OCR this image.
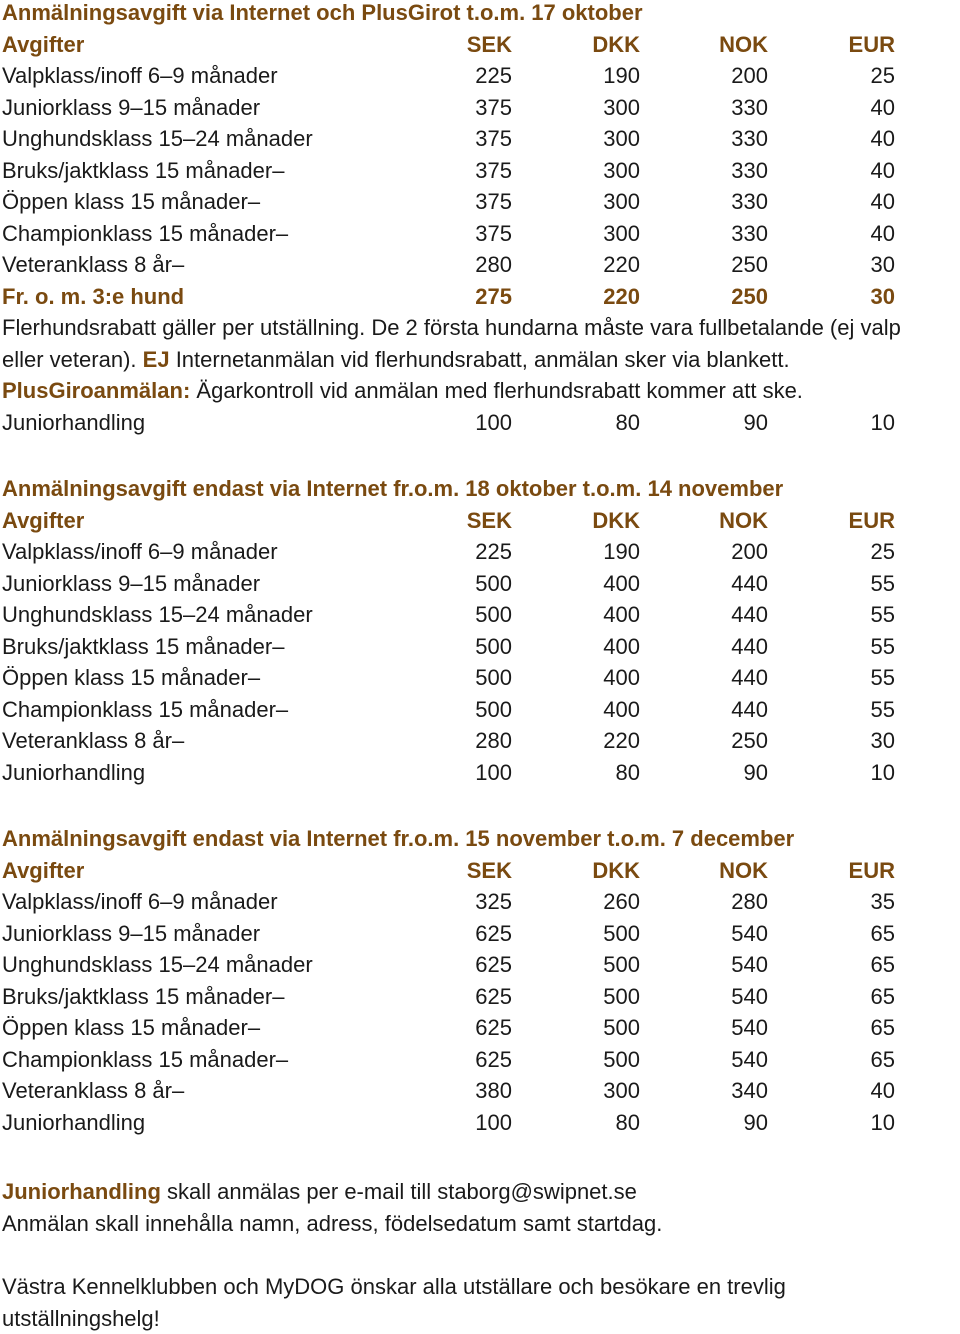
Anmälningsavgift via Internet och PlusGirot t.o.m. 17 oktober
Avgifter	SEK	DKK	NOK	EUR
Valpklass/inoff 6–9 månader	225	190	200	25
Juniorklass 9–15 månader	375	300	330	40
Unghundsklass 15–24 månader	375	300	330	40
Bruks/jaktklass 15 månader–	375	300	330	40
Öppen klass 15 månader–	375	300	330	40
Championklass 15 månader–	375	300	330	40
Veteranklass 8 år–	280	220	250	30
Fr. o. m. 3:e hund	275	220	250	30
Flerhundsrabatt gäller per utställning. De 2 första hundarna måste vara fullbetalande (ej valp
eller veteran). EJ Internetanmälan vid flerhundsrabatt, anmälan sker via blankett.
PlusGiroanmälan: Ägarkontroll vid anmälan med flerhundsrabatt kommer att ske.
Juniorhandling	100	80	90	10
Anmälningsavgift endast via Internet fr.o.m. 18 oktober t.o.m. 14 november
Avgifter	SEK	DKK	NOK	EUR
Valpklass/inoff 6–9 månader	225	190	200	25
Juniorklass 9–15 månader	500	400	440	55
Unghundsklass 15–24 månader	500	400	440	55
Bruks/jaktklass 15 månader–	500	400	440	55
Öppen klass 15 månader–	500	400	440	55
Championklass 15 månader–	500	400	440	55
Veteranklass 8 år–	280	220	250	30
Juniorhandling	100	80	90	10
Anmälningsavgift endast via Internet fr.o.m. 15 november t.o.m. 7 december
Avgifter	SEK	DKK	NOK	EUR
Valpklass/inoff 6–9 månader	325	260	280	35
Juniorklass 9–15 månader	625	500	540	65
Unghundsklass 15–24 månader	625	500	540	65
Bruks/jaktklass 15 månader–	625	500	540	65
Öppen klass 15 månader–	625	500	540	65
Championklass 15 månader–	625	500	540	65
Veteranklass 8 år–	380	300	340	40
Juniorhandling	100	80	90	10
Juniorhandling skall anmälas per e-mail till staborg@swipnet.se
Anmälan skall innehålla namn, adress, födelsedatum samt startdag.
Västra Kennelklubben och MyDOG önskar alla utställare och besökare en trevlig
utställningshelg!
